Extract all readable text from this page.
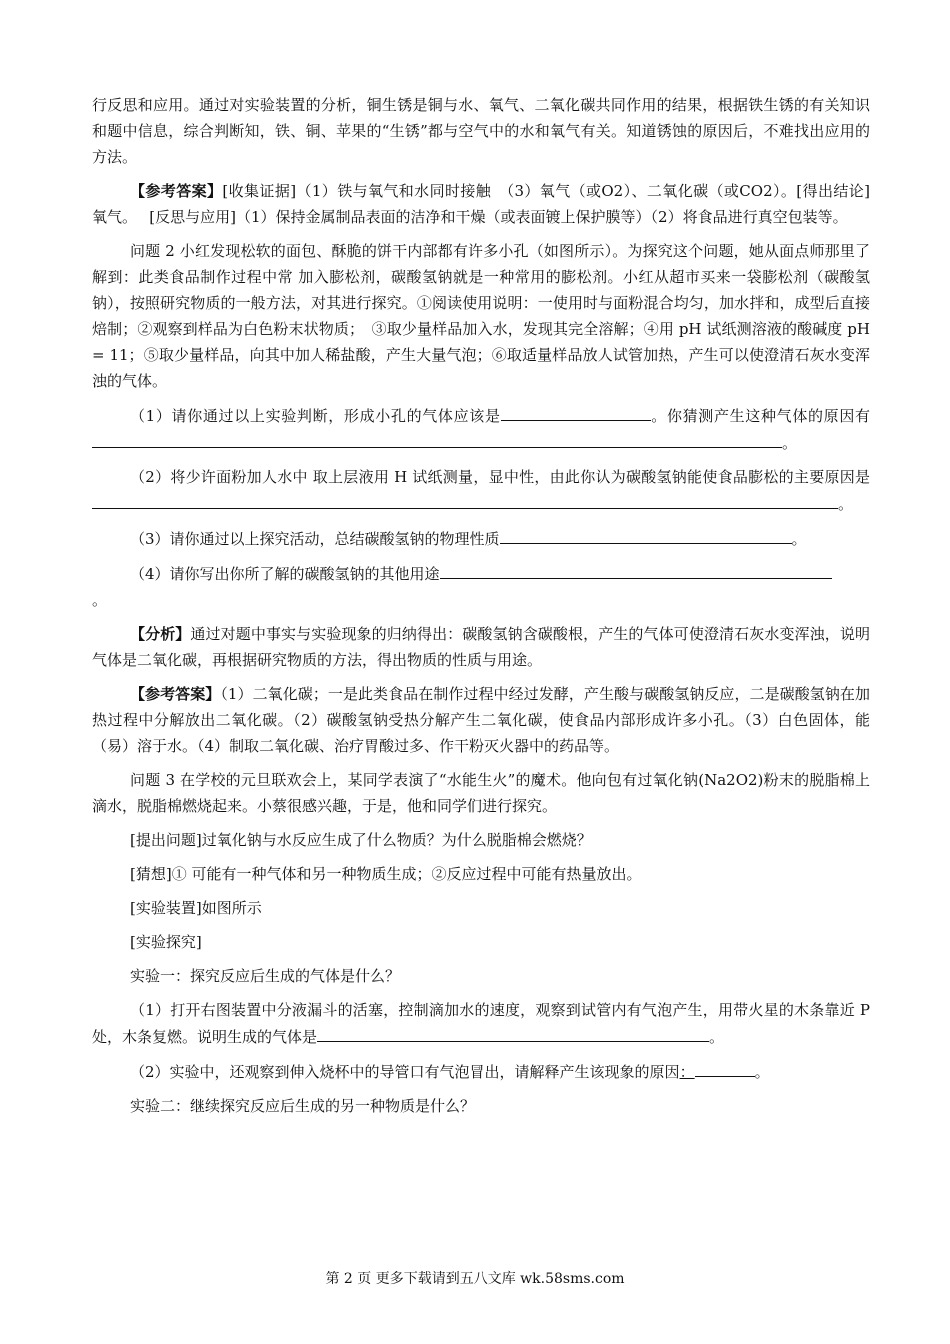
行反思和应用。通过对实验装置的分析，铜生锈是铜与水、氧气、二氧化碳共同作用的结果，根据铁生锈的有关知识和题中信息，综合判断知，铁、铜、苹果的“生锈”都与空气中的水和氧气有关。知道锈蚀的原因后，不难找出应用的方法。

【参考答案】[收集证据]（1）铁与氧气和水同时接触　（3）氧气（或O2）、二氧化碳（或CO2）。[得出结论]　 氧气。　 [反思与应用]（1）保持金属制品表面的洁净和干燥（或表面镀上保护膜等）（2）将食品进行真空包装等。

问题 2 小红发现松软的面包、酥脆的饼干内部都有许多小孔（如图所示）。为探究这个问题，她从面点师那里了解到：此类食品制作过程中常 加入膨松剂，碳酸氢钠就是一种常用的膨松剂。小红从超市买来一袋膨松剂（碳酸氢钠），按照研究物质的一般方法，对其进行探究。①阅读使用说明：一使用时与面粉混合均匀，加水拌和，成型后直接焙制；②观察到样品为白色粉末状物质；　③取少量样品加入水，发现其完全溶解；④用 pH 试纸测溶液的酸碱度 pH = 11；⑤取少量样品，向其中加人稀盐酸，产生大量气泡；⑥取适量样品放人试管加热，产生可以使澄清石灰水变浑浊的气体。

（1）请你通过以上实验判断，形成小孔的气体应该是	。你猜测产生这种气体的原因有。

（2）将少许面粉加人水中 取上层液用 H 试纸测量，显中性，由此你认为碳酸氢钠能使食品膨松的主要原因是。

（3）请你通过以上探究活动，总结碳酸氢钠的物理性质	。

（4）请你写出你所了解的碳酸氢钠的其他用途
。

【分析】通过对题中事实与实验现象的归纳得出：碳酸氢钠含碳酸根，产生的气体可使澄清石灰水变浑浊，说明气体是二氧化碳，再根据研究物质的方法，得出物质的性质与用途。

【参考答案】（1）二氧化碳；一是此类食品在制作过程中经过发酵，产生酸与碳酸氢钠反应，二是碳酸氢钠在加热过程中分解放出二氧化碳。（2）碳酸氢钠受热分解产生二氧化碳，使食品内部形成许多小孔。（3）白色固体，能（易）溶于水。（4）制取二氧化碳、治疗胃酸过多、作干粉灭火器中的药品等。

问题 3 在学校的元旦联欢会上，某同学表演了“水能生火”的魔术。他向包有过氧化钠(Na2O2)粉末的脱脂棉上滴水，脱脂棉燃烧起来。小蔡很感兴趣，于是，他和同学们进行探究。

[提出问题]过氧化钠与水反应生成了什么物质？为什么脱脂棉会燃烧？

[猜想]① 可能有一种气体和另一种物质生成；②反应过程中可能有热量放出。

[实验装置]如图所示

[实验探究]

实验一：探究反应后生成的气体是什么？

（1）打开右图装置中分液漏斗的活塞，控制滴加水的速度，观察到试管内有气泡产生，用带火星的木条靠近 P 处，木条复燃。说明生成的气体是	。

（2）实验中，还观察到伸入烧杯中的导管口有气泡冒出，请解释产生该现象的原因：	。

实验二：继续探究反应后生成的另一种物质是什么？

第 2 页 更多下载请到五八文库 wk.58sms.com
